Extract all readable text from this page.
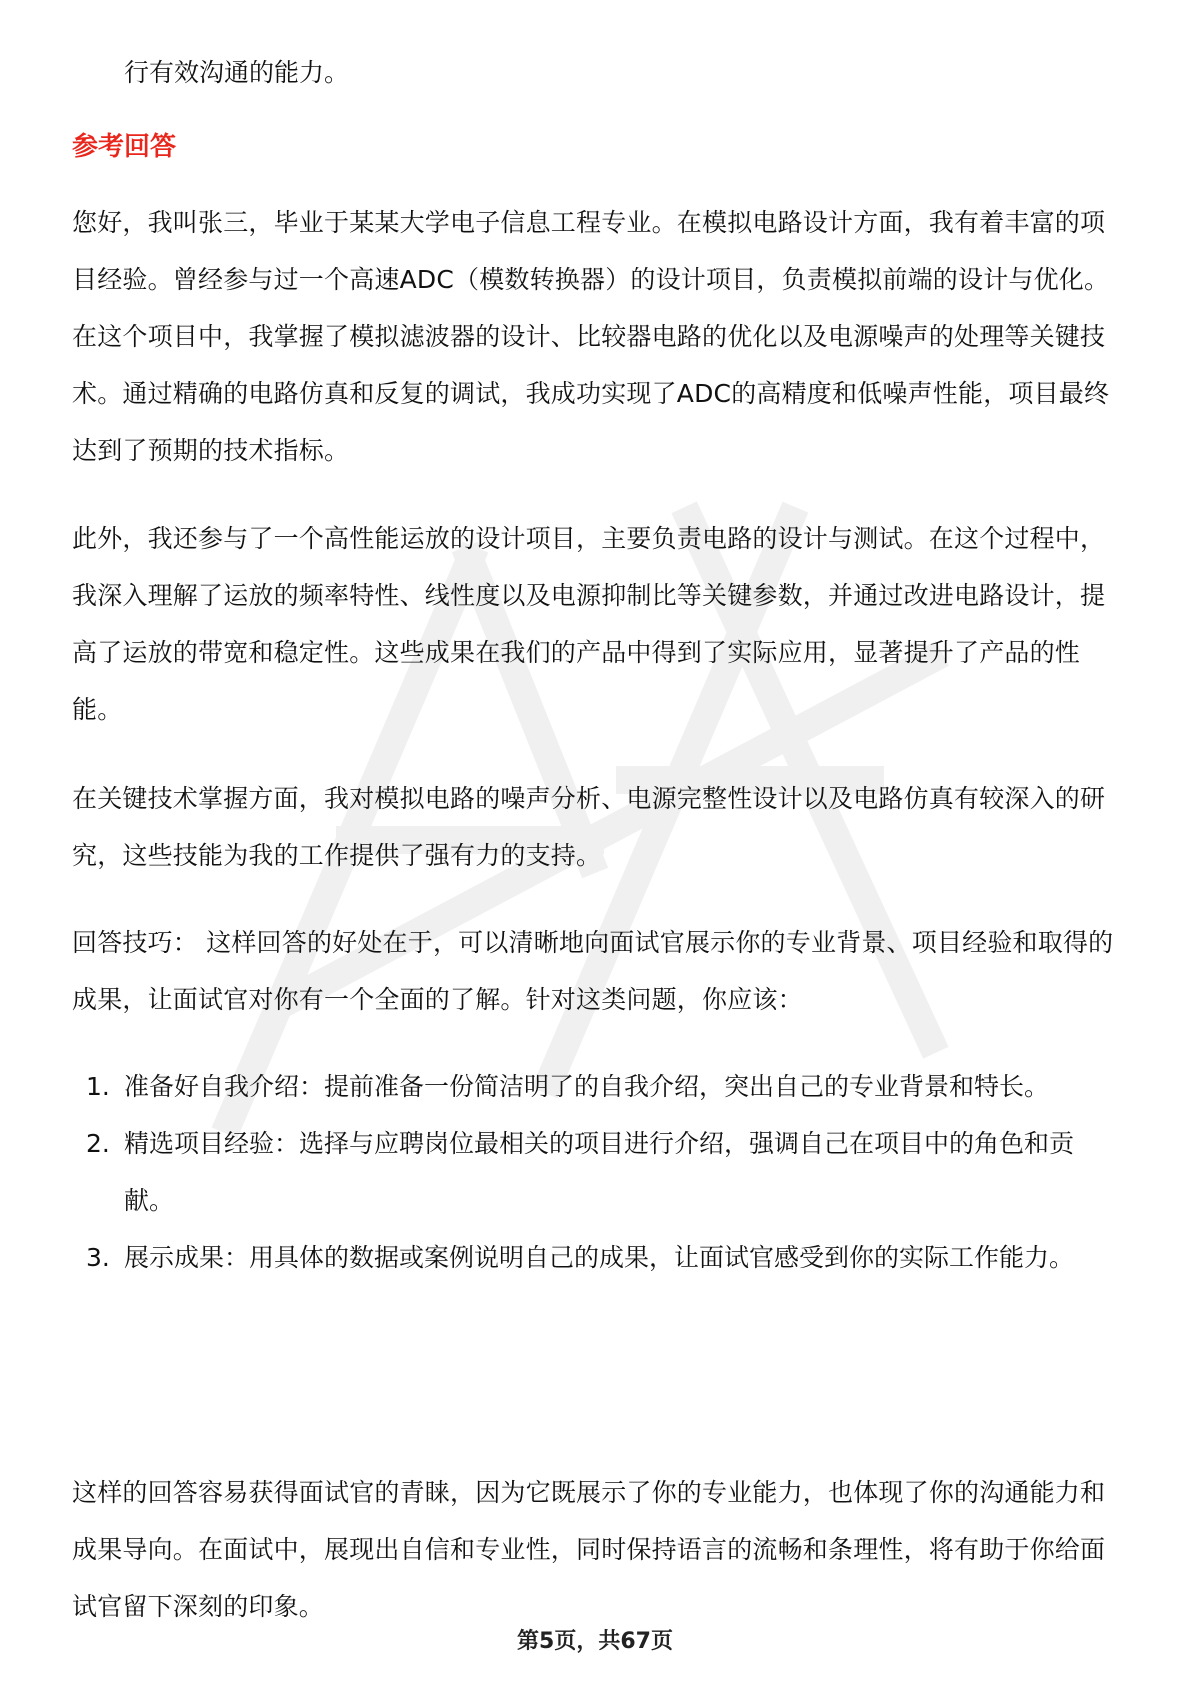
行有效沟通的能力。
参考回答
您好，我叫张三，毕业于某某大学电子信息工程专业。在模拟电路设计方面，我有着丰富的项目经验。曾经参与过一个高速ADC（模数转换器）的设计项目，负责模拟前端的设计与优化。在这个项目中，我掌握了模拟滤波器的设计、比较器电路的优化以及电源噪声的处理等关键技术。通过精确的电路仿真和反复的调试，我成功实现了ADC的高精度和低噪声性能，项目最终达到了预期的技术指标。
此外，我还参与了一个高性能运放的设计项目，主要负责电路的设计与测试。在这个过程中，我深入理解了运放的频率特性、线性度以及电源抑制比等关键参数，并通过改进电路设计，提高了运放的带宽和稳定性。这些成果在我们的产品中得到了实际应用，显著提升了产品的性能。
在关键技术掌握方面，我对模拟电路的噪声分析、电源完整性设计以及电路仿真有较深入的研究，这些技能为我的工作提供了强有力的支持。
回答技巧： 这样回答的好处在于，可以清晰地向面试官展示你的专业背景、项目经验和取得的成果，让面试官对你有一个全面的了解。针对这类问题，你应该：
1. 准备好自我介绍：提前准备一份简洁明了的自我介绍，突出自己的专业背景和特长。
2. 精选项目经验：选择与应聘岗位最相关的项目进行介绍，强调自己在项目中的角色和贡献。
3. 展示成果：用具体的数据或案例说明自己的成果，让面试官感受到你的实际工作能力。
这样的回答容易获得面试官的青睐，因为它既展示了你的专业能力，也体现了你的沟通能力和成果导向。在面试中，展现出自信和专业性，同时保持语言的流畅和条理性，将有助于你给面试官留下深刻的印象。
第5页，共67页
